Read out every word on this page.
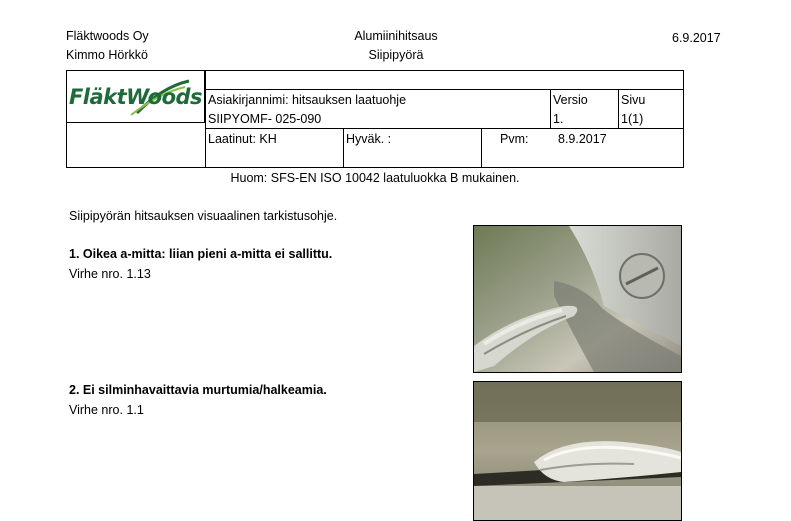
Fläktwoods Oy
Kimmo Hörkkö
Alumiinihitsaus
Siipipyörä
6.9.2017
FläktWoods Asiakirjannimi: hitsauksen laatuohje
SIIPYOMF- 025-090
Versio
1.
Sivu
1(1)
Laatinut: KH	Hyväk. :	Pvm: 8.9.2017
Huom: SFS-EN ISO 10042 laatuluokka B mukainen.
Siipipyörän hitsauksen visuaalinen tarkistusohje.
1. Oikea a-mitta: liian pieni a-mitta ei sallittu.
Virhe nro. 1.13
2. Ei silminhavaittavia murtumia/halkeamia.
Virhe nro. 1.1
